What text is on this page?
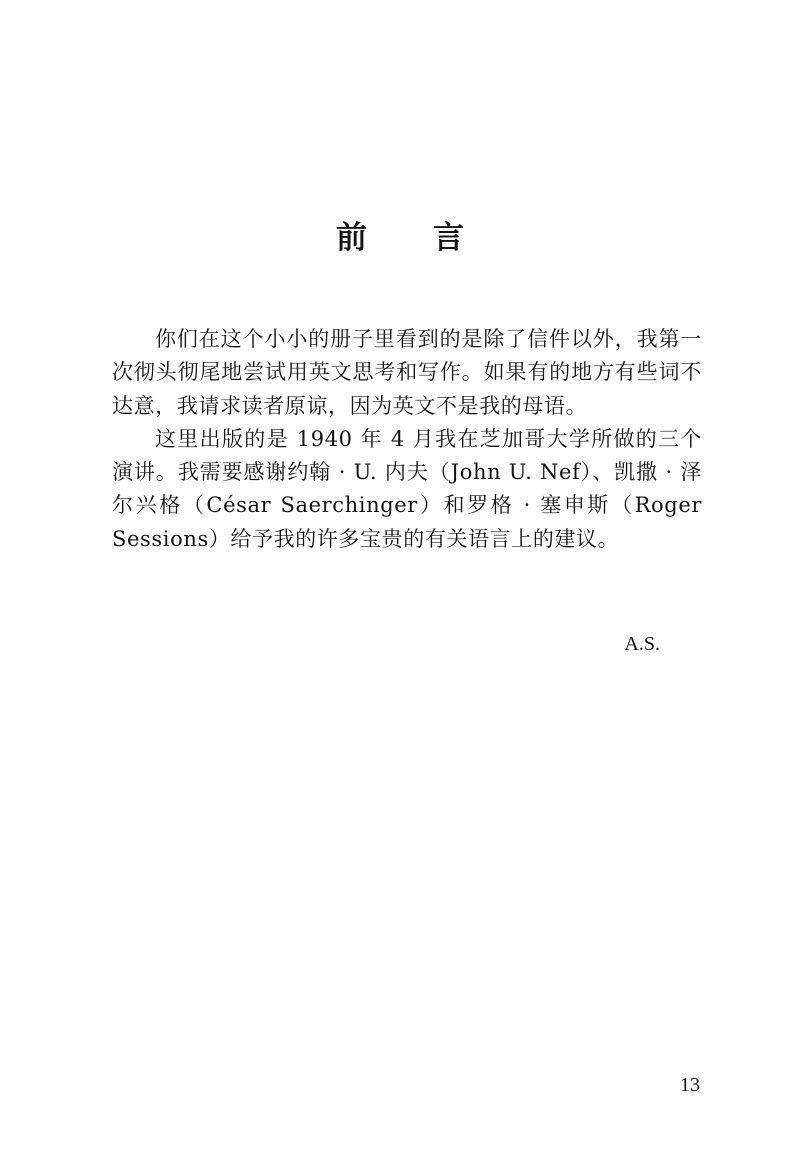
前 言

你们在这个小小的册子里看到的是除了信件以外，我第一次彻头彻尾地尝试用英文思考和写作。如果有的地方有些词不达意，我请求读者原谅，因为英文不是我的母语。

这里出版的是 1940 年 4 月我在芝加哥大学所做的三个演讲。我需要感谢约翰 · U. 内夫（John U. Nef）、凯撒 · 泽尔兴格（César Saerchinger）和罗格 · 塞申斯（Roger Sessions）给予我的许多宝贵的有关语言上的建议。

A.S.
13
